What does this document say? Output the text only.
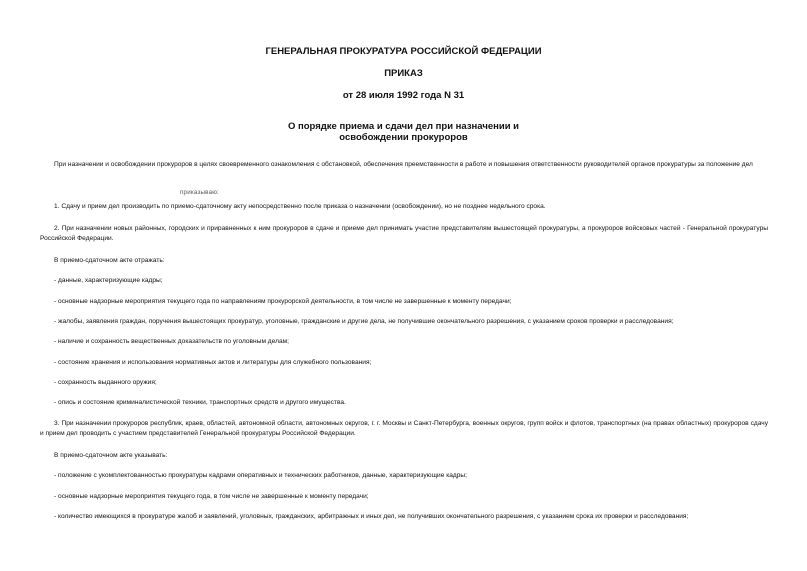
ГЕНЕРАЛЬНАЯ ПРОКУРАТУРА РОССИЙСКОЙ ФЕДЕРАЦИИ
ПРИКАЗ
от 28 июля 1992 года N 31
О порядке приема и сдачи дел при назначении и
освобождении прокуроров
При назначении и освобождении прокуроров в целях своевременного ознакомления с обстановкой, обеспечения преемственности в работе и повышения ответственности руководителей органов прокуратуры за положение дел
приказываю:
1. Сдачу и прием дел производить по приемо-сдаточному акту непосредственно после приказа о назначении (освобождении), но не позднее недельного срока.
2. При назначении новых районных, городских и приравненных к ним прокуроров в сдаче и приеме дел принимать участие представителям вышестоящей прокуратуры, а прокуроров войсковых частей - Генеральной прокуратуры Российской Федерации.
В приемо-сдаточном акте отражать:
- данные, характеризующие кадры;
- основные надзорные мероприятия текущего года по направлениям прокурорской деятельности, в том числе не завершенные к моменту передачи;
- жалобы, заявления граждан, поручения вышестоящих прокуратур, уголовные, гражданские и другие дела, не получившие окончательного разрешения, с указанием сроков проверки и расследования;
- наличие и сохранность вещественных доказательств по уголовным делам;
- состояние хранения и использования нормативных актов и литературы для служебного пользования;
- сохранность выданного оружия;
- опись и состояние криминалистической техники, транспортных средств и другого имущества.
3. При назначении прокуроров республик, краев, областей, автономной области, автономных округов, г. г. Москвы и Санкт-Петербурга, военных округов, групп войск и флотов, транспортных (на правах областных) прокуроров сдачу и прием дел проводить с участием представителей Генеральной прокуратуры Российской Федерации.
В приемо-сдаточном акте указывать:
- положение с укомплектованностью прокуратуры кадрами оперативных и технических работников, данные, характеризующие кадры;
- основные надзорные мероприятия текущего года, в том числе не завершенные к моменту передачи;
- количество имеющихся в прокуратуре жалоб и заявлений, уголовных, гражданских, арбитражных и иных дел, не получивших окончательного разрешения, с указанием срока их проверки и расследования;
